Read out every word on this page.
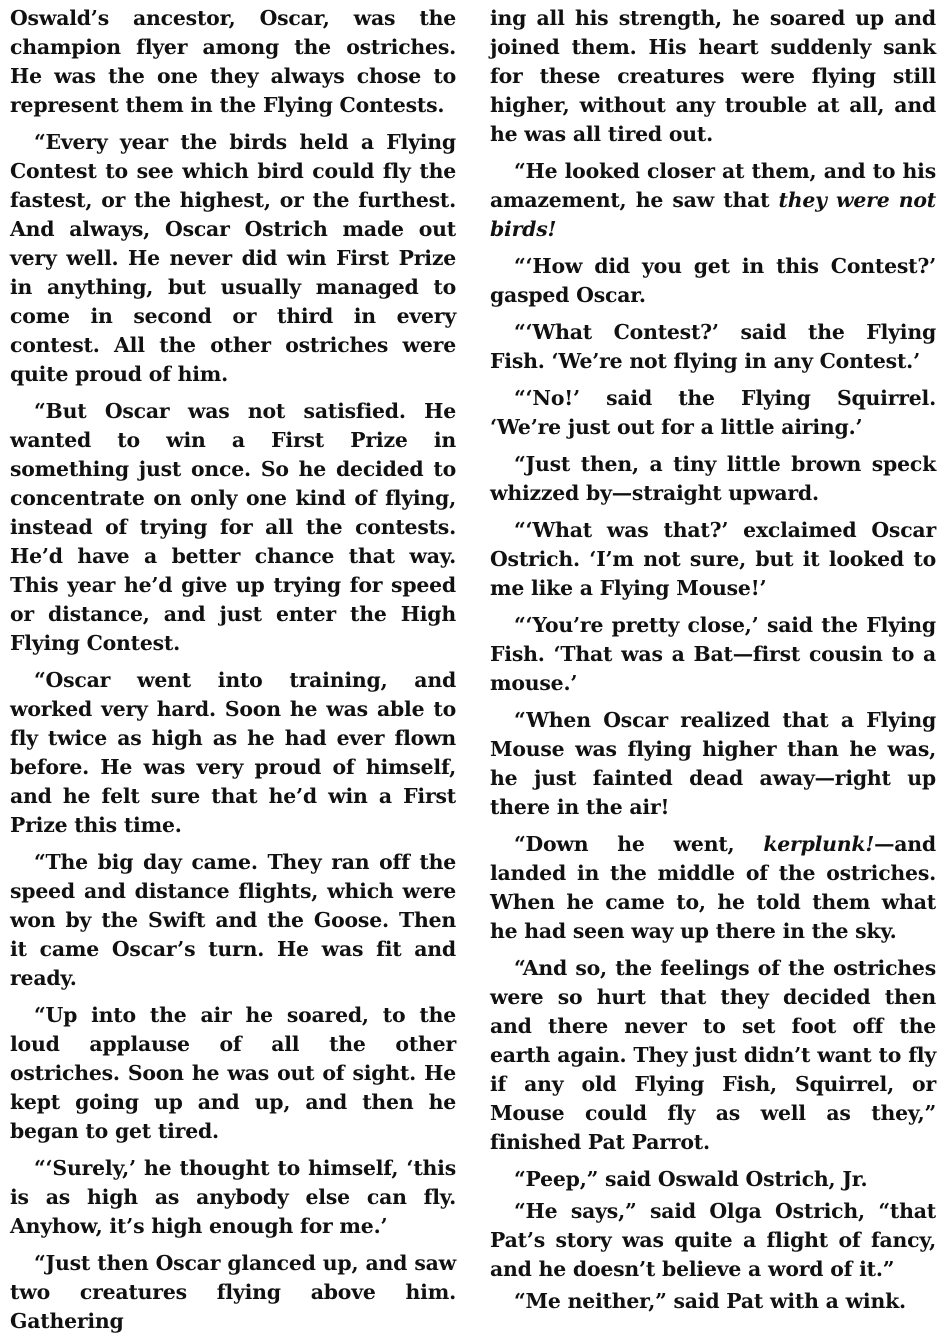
Oswald’s ancestor, Oscar, was the champion flyer among the ostriches. He was the one they always chose to represent them in the Flying Contests.

“Every year the birds held a Flying Contest to see which bird could fly the fastest, or the highest, or the furthest. And always, Oscar Ostrich made out very well. He never did win First Prize in anything, but usually managed to come in second or third in every contest. All the other ostriches were quite proud of him.

“But Oscar was not satisfied. He wanted to win a First Prize in something just once. So he decided to concentrate on only one kind of flying, instead of trying for all the contests. He’d have a better chance that way. This year he’d give up trying for speed or distance, and just enter the High Flying Contest.

“Oscar went into training, and worked very hard. Soon he was able to fly twice as high as he had ever flown before. He was very proud of himself, and he felt sure that he’d win a First Prize this time.

“The big day came. They ran off the speed and distance flights, which were won by the Swift and the Goose. Then it came Oscar’s turn. He was fit and ready.

“Up into the air he soared, to the loud applause of all the other ostriches. Soon he was out of sight. He kept going up and up, and then he began to get tired.

“‘Surely,’ he thought to himself, ‘this is as high as anybody else can fly. Anyhow, it’s high enough for me.’

“Just then Oscar glanced up, and saw two creatures flying above him. Gathering

ing all his strength, he soared up and joined them. His heart suddenly sank for these creatures were flying still higher, without any trouble at all, and he was all tired out.

“He looked closer at them, and to his amazement, he saw that they were not birds!

“‘How did you get in this Contest?’ gasped Oscar.

“‘What Contest?’ said the Flying Fish. ‘We’re not flying in any Contest.’

“‘No!’ said the Flying Squirrel. ‘We’re just out for a little airing.’

“Just then, a tiny little brown speck whizzed by—straight upward.

“‘What was that?’ exclaimed Oscar Ostrich. ‘I’m not sure, but it looked to me like a Flying Mouse!’

“‘You’re pretty close,’ said the Flying Fish. ‘That was a Bat—first cousin to a mouse.’

“When Oscar realized that a Flying Mouse was flying higher than he was, he just fainted dead away—right up there in the air!

“Down he went, kerplunk!—and landed in the middle of the ostriches. When he came to, he told them what he had seen way up there in the sky.

“And so, the feelings of the ostriches were so hurt that they decided then and there never to set foot off the earth again. They just didn’t want to fly if any old Flying Fish, Squirrel, or Mouse could fly as well as they,” finished Pat Parrot.

“Peep,” said Oswald Ostrich, Jr.

“He says,” said Olga Ostrich, “that Pat’s story was quite a flight of fancy, and he doesn’t believe a word of it.”

“Me neither,” said Pat with a wink.
